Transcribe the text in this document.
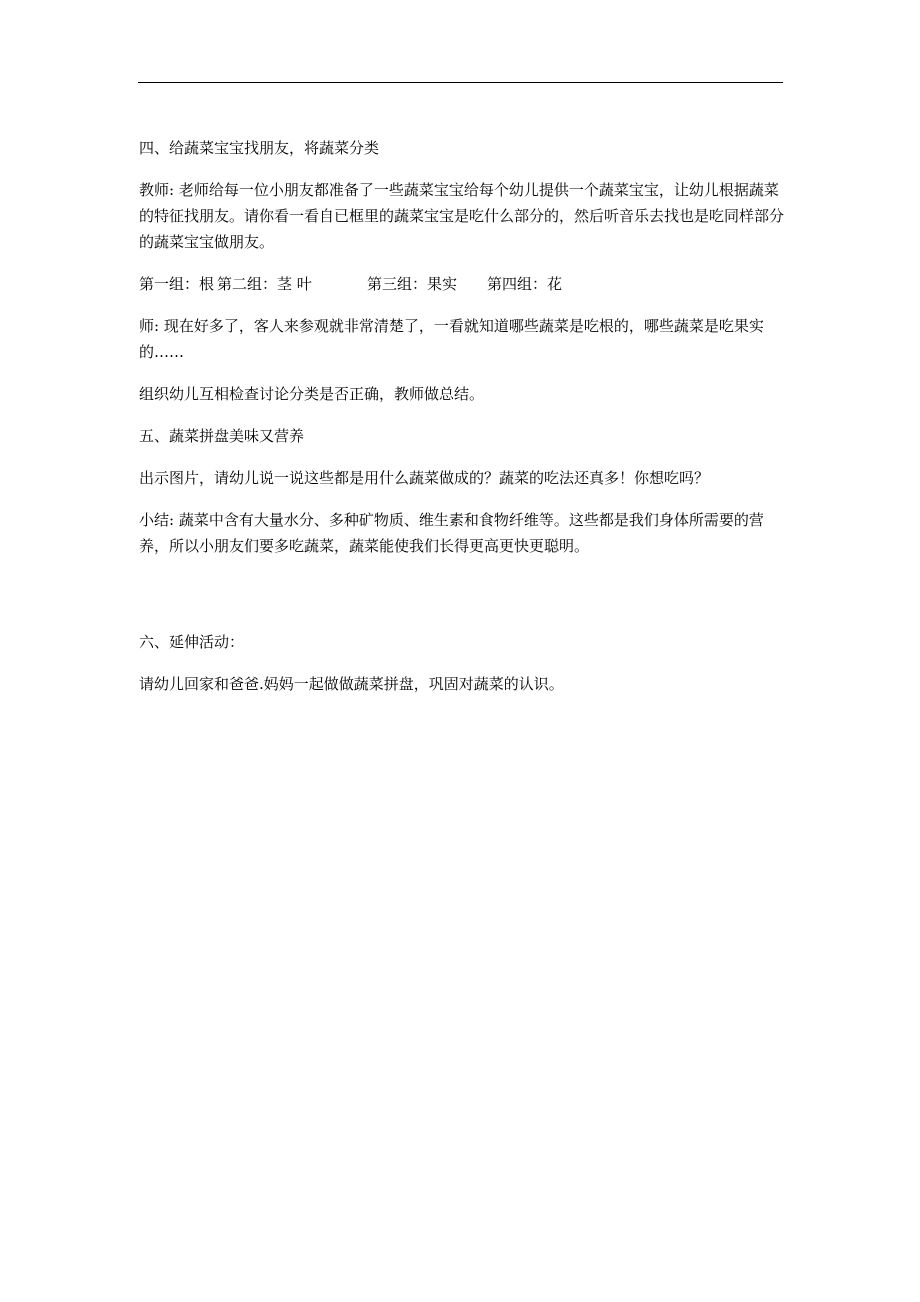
四、给蔬菜宝宝找朋友，将蔬菜分类

教师: 老师给每一位小朋友都准备了一些蔬菜宝宝给每个幼儿提供一个蔬菜宝宝，让幼儿根据蔬菜的特征找朋友。请你看一看自已框里的蔬菜宝宝是吃什么部分的，然后听音乐去找也是吃同样部分的蔬菜宝宝做朋友。

第一组：根 第二组：茎 叶	第三组：果实 第四组：花

师: 现在好多了，客人来参观就非常清楚了，一看就知道哪些蔬菜是吃根的，哪些蔬菜是吃果实的……

组织幼儿互相检查讨论分类是否正确，教师做总结。

五、蔬菜拼盘美味又营养

出示图片，请幼儿说一说这些都是用什么蔬菜做成的？蔬菜的吃法还真多！你想吃吗？

小结: 蔬菜中含有大量水分、多种矿物质、维生素和食物纤维等。这些都是我们身体所需要的营养，所以小朋友们要多吃蔬菜，蔬菜能使我们长得更高更快更聪明。

六、延伸活动：

请幼儿回家和爸爸.妈妈一起做做蔬菜拼盘，巩固对蔬菜的认识。
